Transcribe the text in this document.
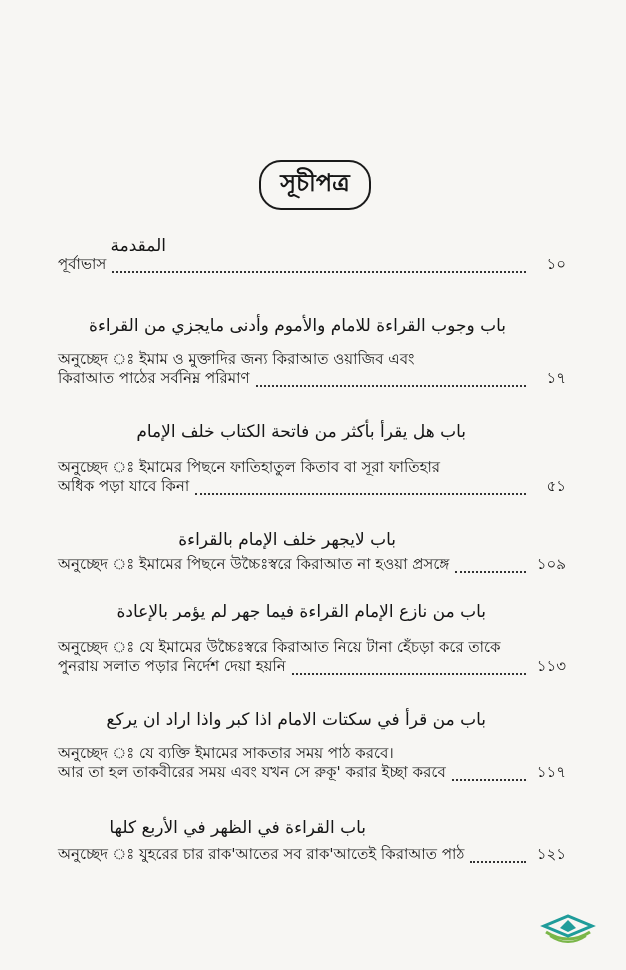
সূচীপত্র
المقدمة
পূর্বাভাস	১০
باب وجوب القراءة للامام والأموم وأدنى مايجزي من القراءة
অনুচ্ছেদ ঃ ইমাম ও মুক্তাদির জন্য কিরাআত ওয়াজিব এবং
কিরাআত পাঠের সর্বনিম্ন পরিমাণ	১৭
باب هل يقرأ بأكثر من فاتحة الكتاب خلف الإمام
অনুচ্ছেদ ঃ ইমামের পিছনে ফাতিহাতুল কিতাব বা সূরা ফাতিহার
অধিক পড়া যাবে কিনা	৫১
باب لايجهر خلف الإمام بالقراءة
অনুচ্ছেদ ঃ ইমামের পিছনে উচ্চৈঃস্বরে কিরাআত না হওয়া প্রসঙ্গে	১০৯
باب من نازع الإمام القراءة فيما جهر لم يؤمر بالإعادة
অনুচ্ছেদ ঃ যে ইমামের উচ্চৈঃস্বরে কিরাআত নিয়ে টানা হেঁচড়া করে তাকে
পুনরায় সলাত পড়ার নির্দেশ দেয়া হয়নি	১১৩
باب من قرأ في سكتات الامام اذا كبر واذا اراد ان يركع
অনুচ্ছেদ ঃ যে ব্যক্তি ইমামের সাকতার সময় পাঠ করবে।
আর তা হল তাকবীরের সময় এবং যখন সে রুকূ' করার ইচ্ছা করবে	১১৭
باب القراءة في الظهر في الأربع كلها
অনুচ্ছেদ ঃ যুহরের চার রাক'আতের সব রাক'আতেই কিরাআত পাঠ	১২১
